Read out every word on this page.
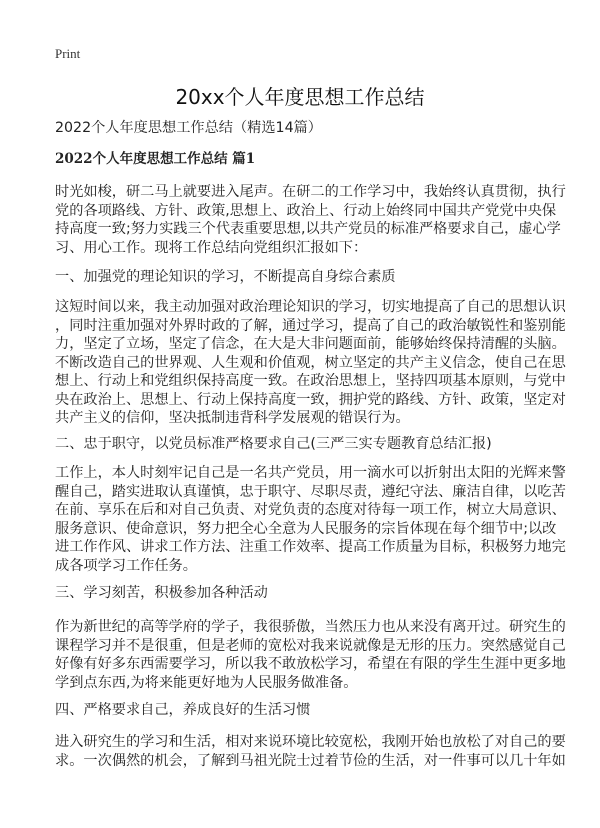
Print
20xx个人年度思想工作总结
2022个人年度思想工作总结（精选14篇）
2022个人年度思想工作总结 篇1
时光如梭，研二马上就要进入尾声。在研二的工作学习中，我始终认真贯彻，执行
党的各项路线、方针、政策,思想上、政治上、行动上始终同中国共产党党中央保
持高度一致;努力实践三个代表重要思想,以共产党员的标准严格要求自己，虚心学
习、用心工作。现将工作总结向党组织汇报如下：
一、加强党的理论知识的学习，不断提高自身综合素质
这短时间以来，我主动加强对政治理论知识的学习，切实地提高了自己的思想认识
，同时注重加强对外界时政的了解，通过学习，提高了自己的政治敏锐性和鉴别能
力，坚定了立场，坚定了信念，在大是大非问题面前，能够始终保持清醒的头脑。
不断改造自己的世界观、人生观和价值观，树立坚定的共产主义信念，使自己在思
想上、行动上和党组织保持高度一致。在政治思想上，坚持四项基本原则，与党中
央在政治上、思想上、行动上保持高度一致，拥护党的路线、方针、政策，坚定对
共产主义的信仰，坚决抵制违背科学发展观的错误行为。
二、忠于职守，以党员标准严格要求自己(三严三实专题教育总结汇报)
工作上，本人时刻牢记自己是一名共产党员，用一滴水可以折射出太阳的光辉来警
醒自己，踏实进取认真谨慎，忠于职守、尽职尽责，遵纪守法、廉洁自律，以吃苦
在前、享乐在后和对自己负责、对党负责的态度对待每一项工作，树立大局意识、
服务意识、使命意识，努力把全心全意为人民服务的宗旨体现在每个细节中;以改
进工作作风、讲求工作方法、注重工作效率、提高工作质量为目标，积极努力地完
成各项学习工作任务。
三、学习刻苦，积极参加各种活动
作为新世纪的高等学府的学子，我很骄傲，当然压力也从来没有离开过。研究生的
课程学习并不是很重，但是老师的宽松对我来说就像是无形的压力。突然感觉自己
好像有好多东西需要学习，所以我不敢放松学习，希望在有限的学生生涯中更多地
学到点东西,为将来能更好地为人民服务做准备。
四、严格要求自己，养成良好的生活习惯
进入研究生的学习和生活，相对来说环境比较宽松，我刚开始也放松了对自己的要
求。一次偶然的机会，了解到马祖光院士过着节俭的生活，对一件事可以几十年如
